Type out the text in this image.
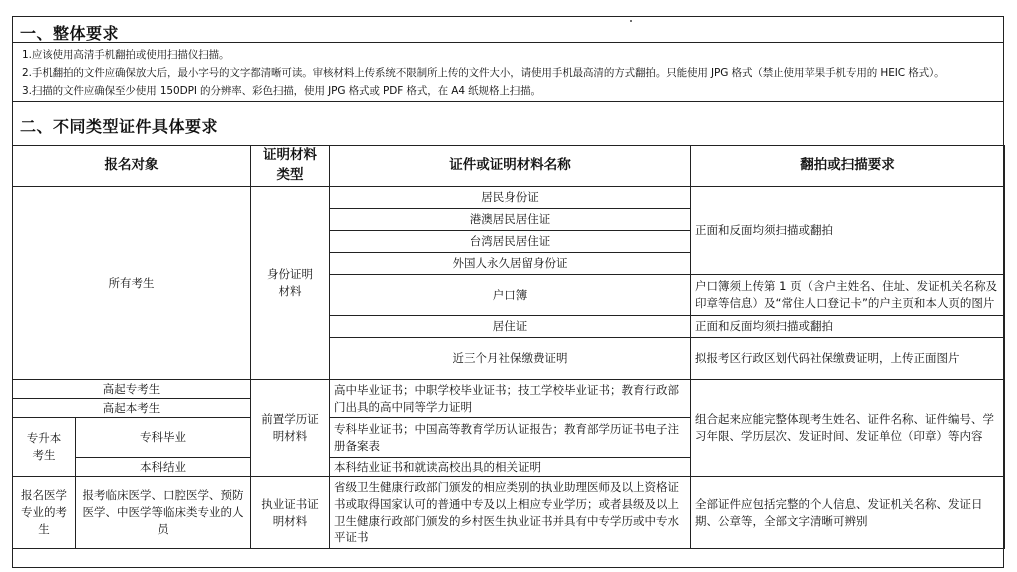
一、整体要求
1.应该使用高清手机翻拍或使用扫描仪扫描。
2.手机翻拍的文件应确保放大后，最小字号的文字都清晰可读。审核材料上传系统不限制所上传的文件大小，请使用手机最高清的方式翻拍。只能使用 JPG 格式（禁止使用苹果手机专用的 HEIC 格式）。
3.扫描的文件应确保至少使用 150DPI 的分辨率、彩色扫描，使用 JPG 格式或 PDF 格式，在 A4 纸规格上扫描。
二、不同类型证件具体要求
报名对象		证明材料类型	证件或证明材料名称	翻拍或扫描要求
所有考生		身份证明材料	居民身份证	正面和反面均须扫描或翻拍
			港澳居民居住证	
			台湾居民居住证	
			外国人永久居留身份证	
			户口簿	户口簿须上传第 1 页（含户主姓名、住址、发证机关名称及印章等信息）及“常住人口登记卡”的户主页和本人页的图片
			居住证	正面和反面均须扫描或翻拍
			近三个月社保缴费证明	拟报考区行政区划代码社保缴费证明，上传正面图片
高起专考生		前置学历证明材料	高中毕业证书；中职学校毕业证书；技工学校毕业证书；教育行政部门出具的高中同等学力证明	组合起来应能完整体现考生姓名、证件名称、证件编号、学习年限、学历层次、发证时间、发证单位（印章）等内容
高起本考生				
专升本考生	专科毕业		专科毕业证书；中国高等教育学历认证报告；教育部学历证书电子注册备案表	

	本科结业		本科结业证书和就读高校出具的相关证明	
报名医学专业的考生	报考临床医学、口腔医学、预防医学、中医学等临床类专业的人员	执业证书证明材料	省级卫生健康行政部门颁发的相应类别的执业助理医师及以上资格证书或取得国家认可的普通中专及以上相应专业学历；或者县级及以上卫生健康行政部门颁发的乡村医生执业证书并具有中专学历或中专水平证书	全部证件应包括完整的个人信息、发证机关名称、发证日期、公章等，全部文字清晰可辨别
